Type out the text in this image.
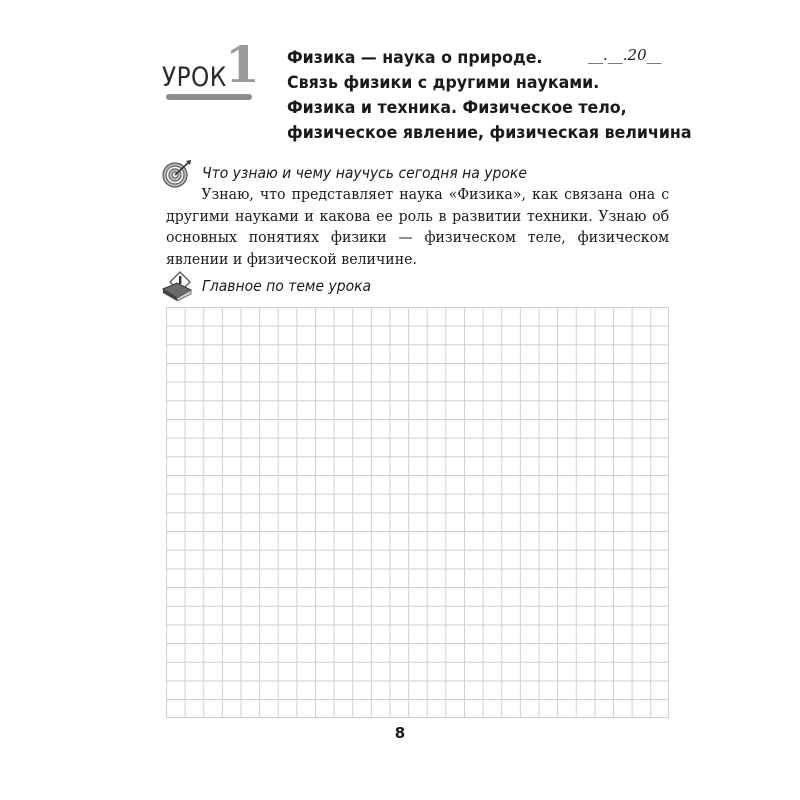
УРОК
1 Физика — наука о природе.
Связь физики с другими науками.
Физика и техника. Физическое тело,
физическое явление, физическая величина
__.__.20__
Что узнаю и чему научусь сегодня на уроке

Узнаю, что представляет наука «Физика», как связана она с другими науками и какова ее роль в развитии техники. Узнаю об основных понятиях физики — физическом теле, физическом явлении и физической величине.

Главное по теме урока
8
